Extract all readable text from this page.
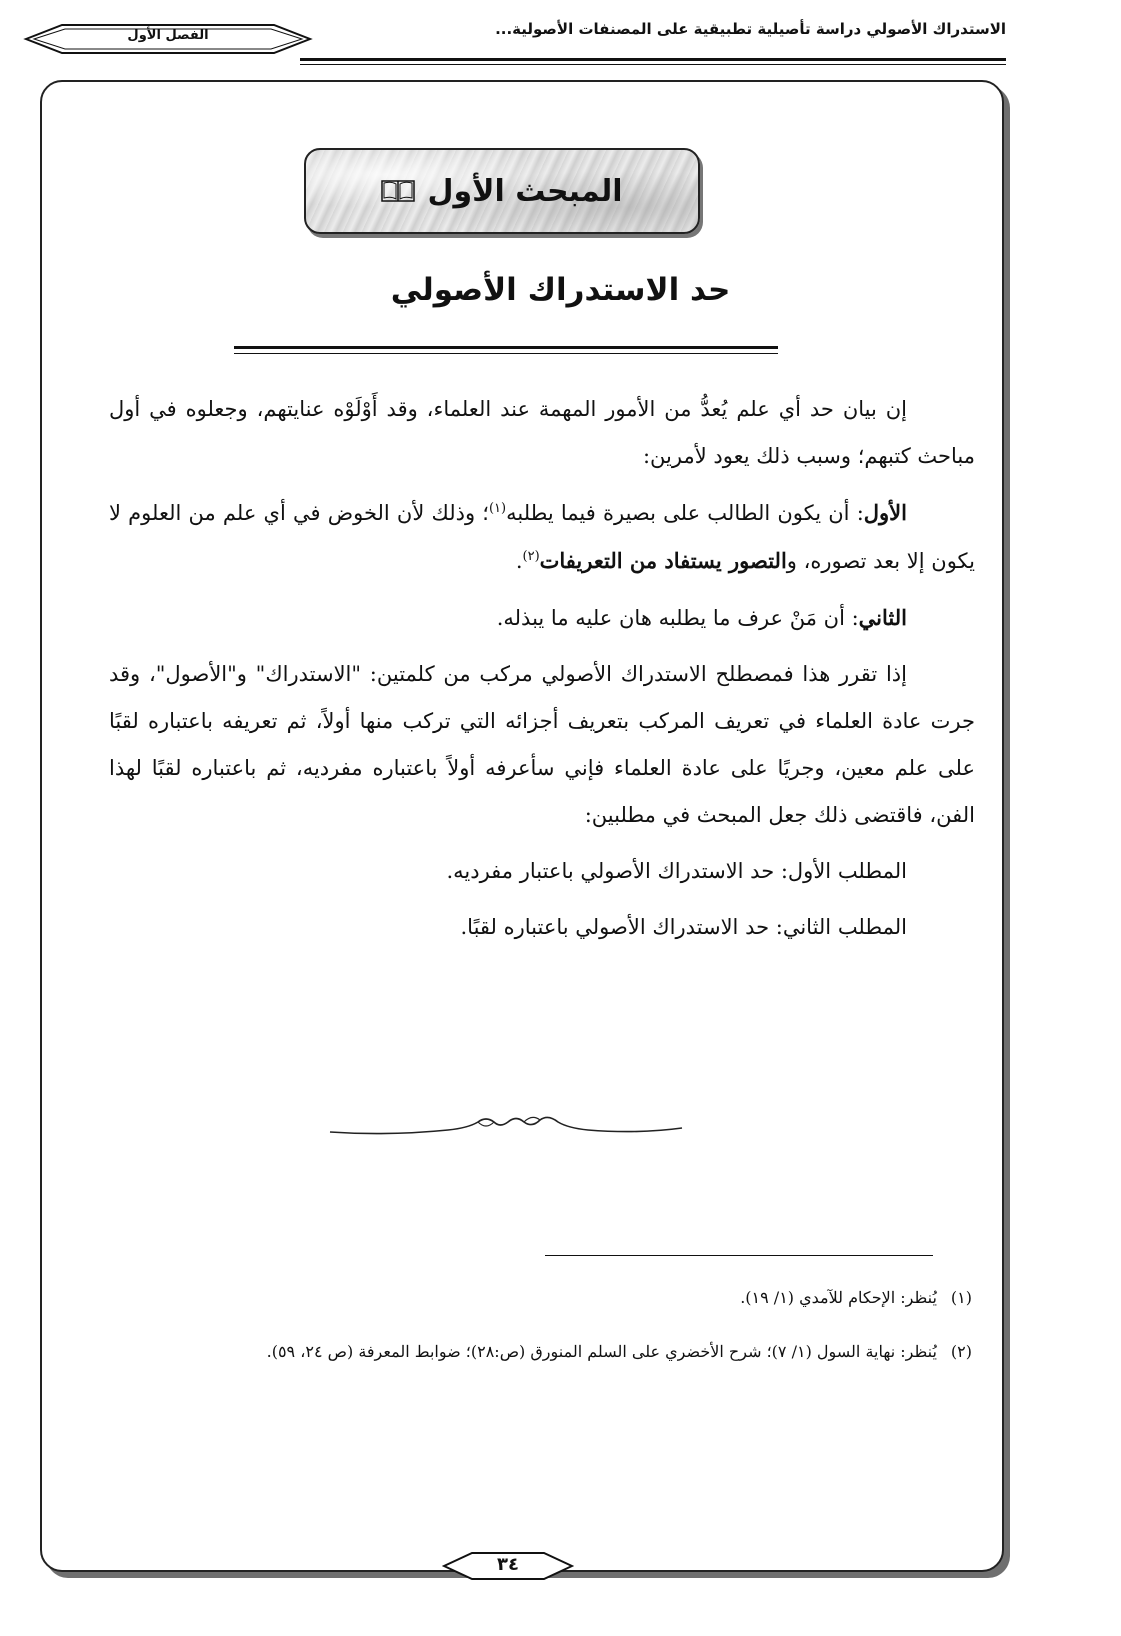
الاستدراك الأصولي دراسة تأصيلية تطبيقية على المصنفات الأصولية...
الفصل الأول
المبحث الأول
حد الاستدراك الأصولي

إن بيان حد أي علم يُعدُّ من الأمور المهمة عند العلماء، وقد أَوْلَوْه عنايتهم، وجعلوه في أول مباحث كتبهم؛ وسبب ذلك يعود لأمرين:

الأول: أن يكون الطالب على بصيرة فيما يطلبه$^{(١)}$؛ وذلك لأن الخوض في أي علم من العلوم لا يكون إلا بعد تصوره، والتصور يستفاد من التعريفات$^{(٢)}$.

الثاني: أن مَنْ عرف ما يطلبه هان عليه ما يبذله.

إذا تقرر هذا فمصطلح الاستدراك الأصولي مركب من كلمتين: "الاستدراك" و"الأصول"، وقد جرت عادة العلماء في تعريف المركب بتعريف أجزائه التي تركب منها أولاً، ثم تعريفه باعتباره لقبًا على علم معين، وجريًا على عادة العلماء فإني سأعرفه أولاً باعتباره مفرديه، ثم باعتباره لقبًا لهذا الفن، فاقتضى ذلك جعل المبحث في مطلبين:

المطلب الأول: حد الاستدراك الأصولي باعتبار مفرديه.

المطلب الثاني: حد الاستدراك الأصولي باعتباره لقبًا.

(١)يُنظر: الإحكام للآمدي (١/ ١٩).
(٢)يُنظر: نهاية السول (١/ ٧)؛ شرح الأخضري على السلم المنورق (ص:٢٨)؛ ضوابط المعرفة (ص ٢٤، ٥٩).
٣٤
